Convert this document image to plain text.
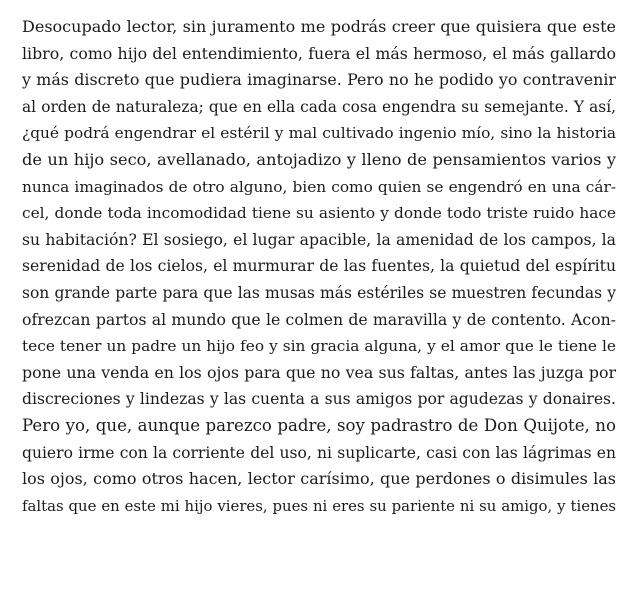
Desocupado lector, sin juramento me podrás creer que quisiera que este
libro, como hijo del entendimiento, fuera el más hermoso, el más gallardo
y más discreto que pudiera imaginarse. Pero no he podido yo contravenir
al orden de naturaleza; que en ella cada cosa engendra su semejante. Y así,
¿qué podrá engendrar el estéril y mal cultivado ingenio mío, sino la historia
de un hijo seco, avellanado, antojadizo y lleno de pensamientos varios y
nunca imaginados de otro alguno, bien como quien se engendró en una cár-
cel, donde toda incomodidad tiene su asiento y donde todo triste ruido hace
su habitación? El sosiego, el lugar apacible, la amenidad de los campos, la
serenidad de los cielos, el murmurar de las fuentes, la quietud del espíritu
son grande parte para que las musas más estériles se muestren fecundas y
ofrezcan partos al mundo que le colmen de maravilla y de contento. Acon-
tece tener un padre un hijo feo y sin gracia alguna, y el amor que le tiene le
pone una venda en los ojos para que no vea sus faltas, antes las juzga por
discreciones y lindezas y las cuenta a sus amigos por agudezas y donaires.
Pero yo, que, aunque parezco padre, soy padrastro de Don Quijote, no
quiero irme con la corriente del uso, ni suplicarte, casi con las lágrimas en
los ojos, como otros hacen, lector carísimo, que perdones o disimules las
faltas que en este mi hijo vieres, pues ni eres su pariente ni su amigo, y tienes
